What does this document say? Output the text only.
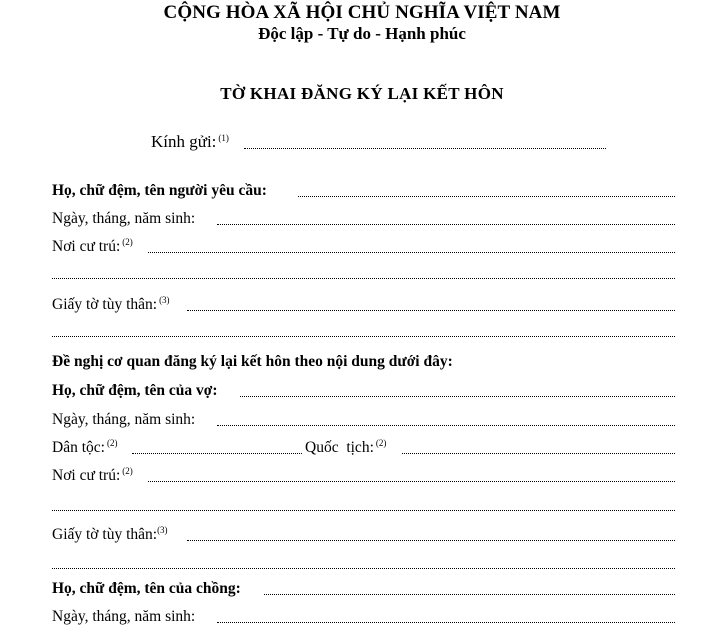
CỘNG HÒA XÃ HỘI CHỦ NGHĨA VIỆT NAM
Độc lập - Tự do - Hạnh phúc
TỜ KHAI ĐĂNG KÝ LẠI KẾT HÔN
Kính gửi: $^{(1)}$
Họ, chữ đệm, tên người yêu cầu:
Ngày, tháng, năm sinh:
Nơi cư trú: $^{(2)}$
Giấy tờ tùy thân: $^{(3)}$
Đề nghị cơ quan đăng ký lại kết hôn theo nội dung dưới đây:
Họ, chữ đệm, tên của vợ:
Ngày, tháng, năm sinh:
Dân tộc: $^{(2)}$	Quốc  tịch: $^{(2)}$
Nơi cư trú: $^{(2)}$
Giấy tờ tùy thân:$^{(3)}$
Họ, chữ đệm, tên của chồng:
Ngày, tháng, năm sinh:
